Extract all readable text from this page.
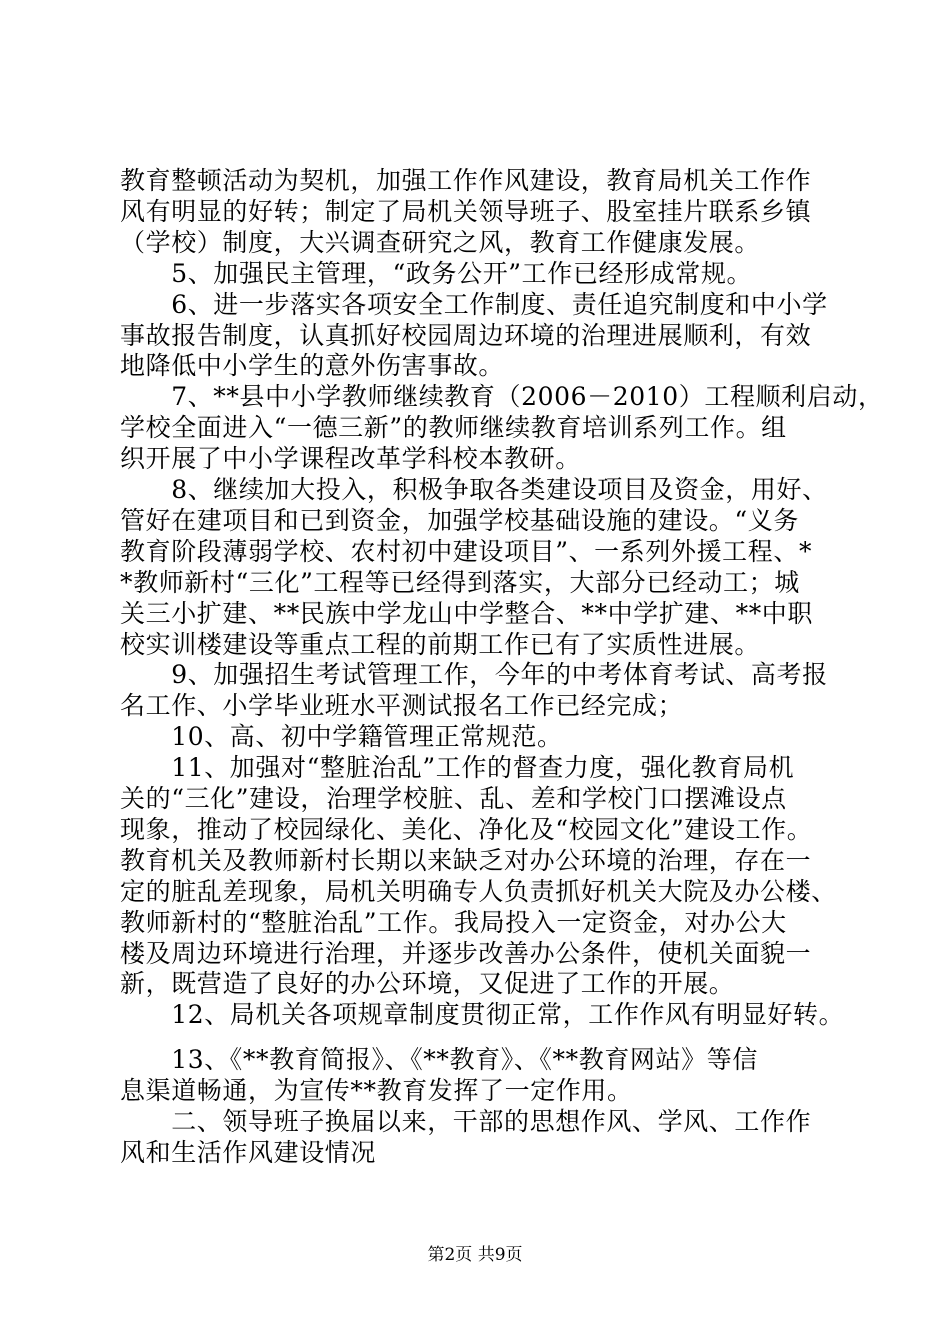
教育整顿活动为契机，加强工作作风建设，教育局机关工作作
风有明显的好转；制定了局机关领导班子、股室挂片联系乡镇
（学校）制度，大兴调查研究之风，教育工作健康发展。
　　5、加强民主管理，“政务公开”工作已经形成常规。
　　6、进一步落实各项安全工作制度、责任追究制度和中小学
事故报告制度，认真抓好校园周边环境的治理进展顺利，有效
地降低中小学生的意外伤害事故。
　　7、**县中小学教师继续教育（2006－2010）工程顺利启动，
学校全面进入“一德三新”的教师继续教育培训系列工作。组
织开展了中小学课程改革学科校本教研。
　　8、继续加大投入，积极争取各类建设项目及资金，用好、
管好在建项目和已到资金，加强学校基础设施的建设。“义务
教育阶段薄弱学校、农村初中建设项目”、一系列外援工程、*
*教师新村“三化”工程等已经得到落实，大部分已经动工；城
关三小扩建、**民族中学龙山中学整合、**中学扩建、**中职
校实训楼建设等重点工程的前期工作已有了实质性进展。
　　9、加强招生考试管理工作，今年的中考体育考试、高考报
名工作、小学毕业班水平测试报名工作已经完成；
　　10、高、初中学籍管理正常规范。
　　11、加强对“整脏治乱”工作的督查力度，强化教育局机
关的“三化”建设，治理学校脏、乱、差和学校门口摆滩设点
现象，推动了校园绿化、美化、净化及“校园文化”建设工作。
教育机关及教师新村长期以来缺乏对办公环境的治理，存在一
定的脏乱差现象，局机关明确专人负责抓好机关大院及办公楼、
教师新村的“整脏治乱”工作。我局投入一定资金，对办公大
楼及周边环境进行治理，并逐步改善办公条件，使机关面貌一
新，既营造了良好的办公环境，又促进了工作的开展。
　　12、局机关各项规章制度贯彻正常，工作作风有明显好转。
　　13、《**教育简报》、《**教育》、《**教育网站》等信
息渠道畅通，为宣传**教育发挥了一定作用。
　　二、领导班子换届以来，干部的思想作风、学风、工作作
风和生活作风建设情况
第2页 共9页
